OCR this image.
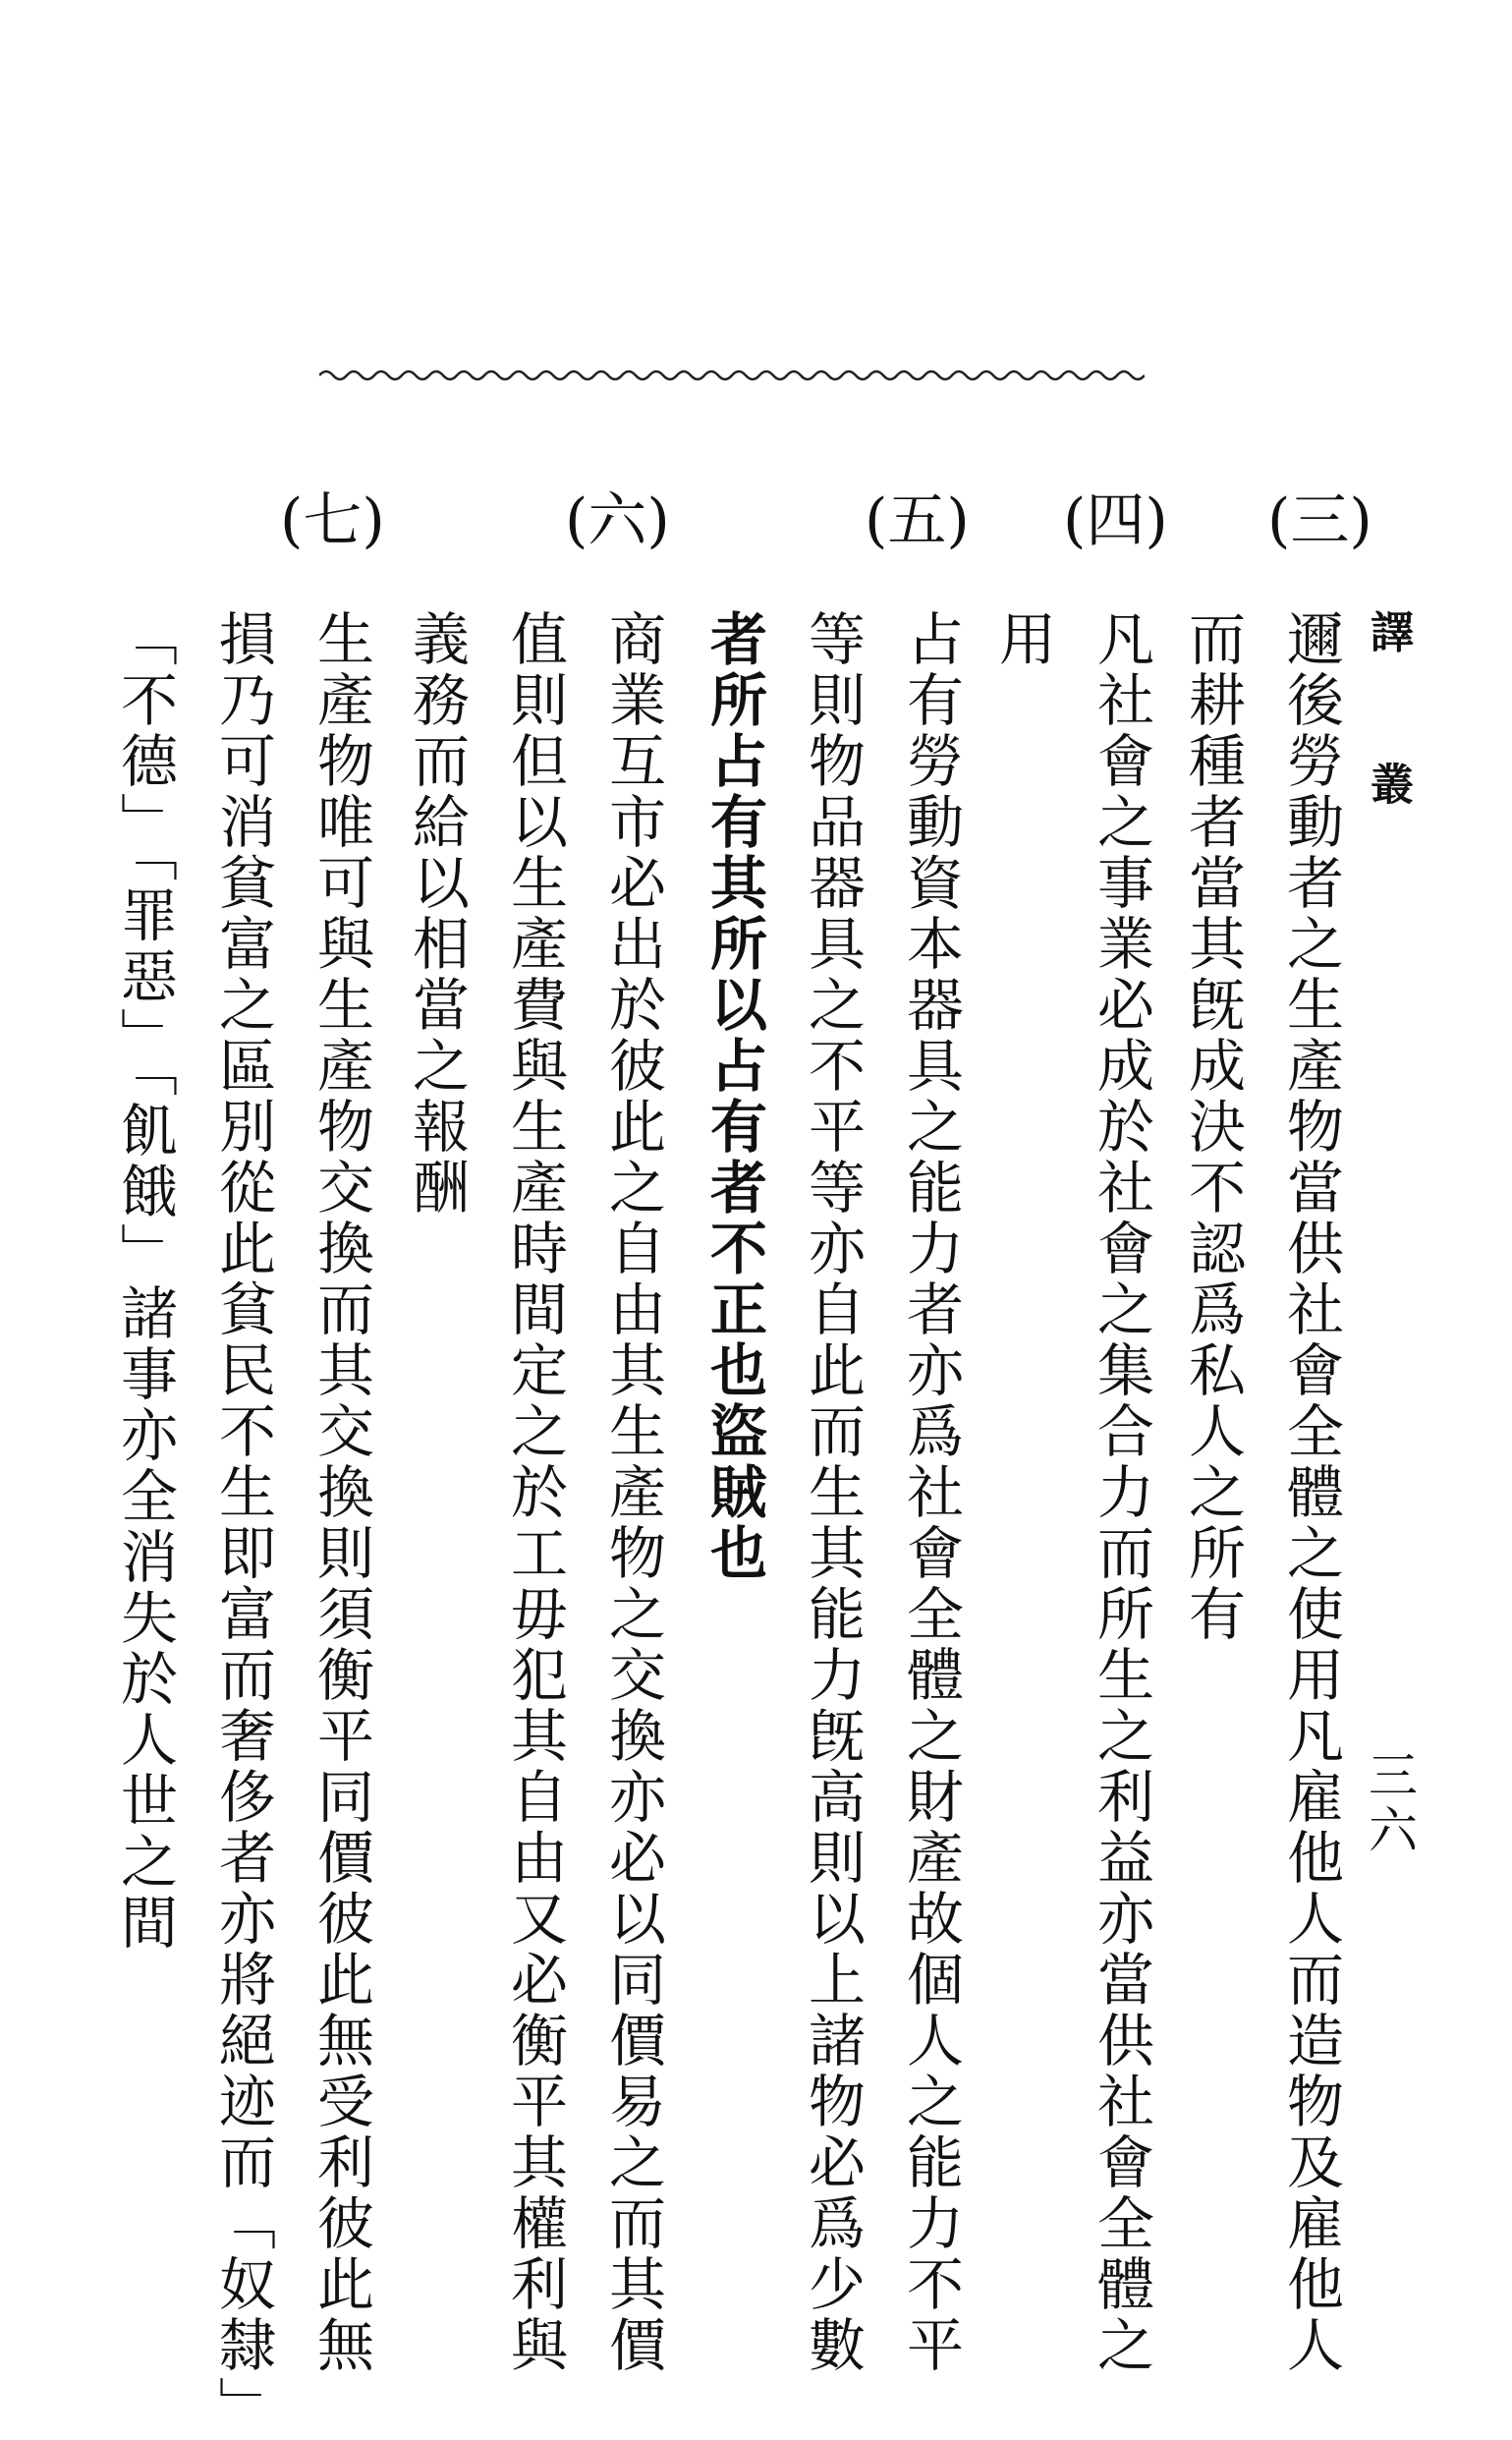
譯 叢
三六
(三)
(四)
(五)
(六)
(七)
邇後勞動者之生產物當供社會全體之使用凡雇他人而造物及雇他人
而耕種者當其旣成決不認爲私人之所有
凡社會之事業必成於社會之集合力而所生之利益亦當供社會全體之
用
占有勞動資本器具之能力者亦爲社會全體之財產故個人之能力不平
等則物品器具之不平等亦自此而生其能力旣高則以上諸物必爲少數
者所占有其所以占有者不正也盜賊也
商業互市必出於彼此之自由其生產物之交換亦必以同價易之而其價
值則但以生產費與生產時間定之於工毋犯其自由又必衡平其權利與
義務而給以相當之報酬
生產物唯可與生產物交換而其交換則須衡平同價彼此無受利彼此無
損乃可消貧富之區別從此貧民不生即富而奢侈者亦將絕迹而「奴隸」
「不德」「罪惡」「飢餓」諸事亦全消失於人世之間
